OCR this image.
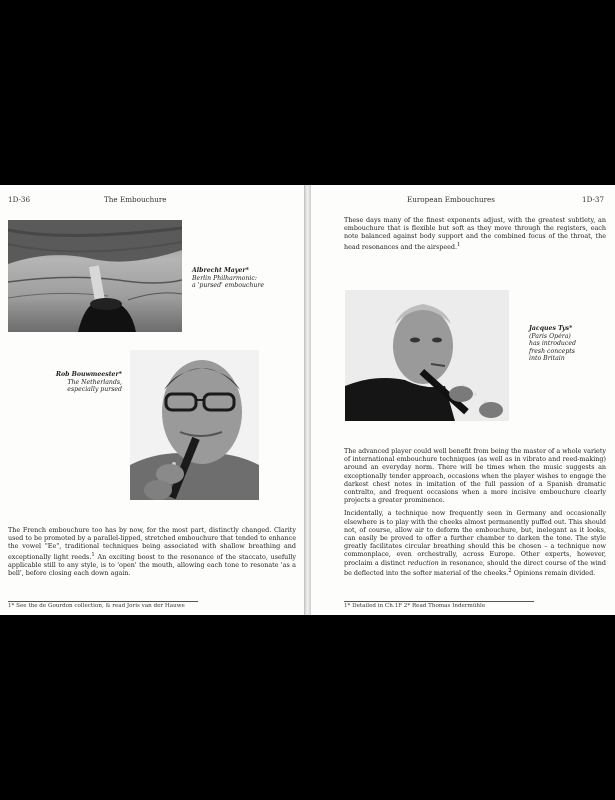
1D-36	The Embouchure
Albrecht Mayer*
Berlin Philharmonic:
a 'pursed' embouchure
Rob Bouwmeester*
The Netherlands,
especially pursed

The French embouchure too has by now, for the most part, distinctly changed. Clarity used to be promoted by a parallel-lipped, stretched embouchure that tended to enhance the vowel "Ee", traditional techniques being associated with shallow breathing and exceptionally light reeds.$^1$ An exciting boost to the resonance of the staccato, usefully applicable still to any style, is to 'open' the mouth, allowing each tone to resonate 'as a bell', before closing each down again.

1* See the de Gourdon collection, & read Joris van der Hauwe
European Embouchures	1D-37

These days many of the finest exponents adjust, with the greatest subtlety, an embouchure that is flexible but soft as they move through the registers, each note balanced against body support and the combined focus of the throat, the head resonances and the airspeed.$^1$

Jacques Tys*
(Paris Opéra)
has introduced
fresh concepts
into Britain

The advanced player could well benefit from being the master of a whole variety of international embouchure techniques (as well as in vibrato and reed-making) around an everyday norm. There will be times when the music suggests an exceptionally tender approach, occasions when the player wishes to engage the darkest chest notes in imitation of the full passion of a Spanish dramatic contralto, and frequent occasions when a more incisive embouchure clearly projects a greater prominence.

Incidentally, a technique now frequently seen in Germany and occasionally elsewhere is to play with the cheeks almost permanently puffed out. This should not, of course, allow air to deform the embouchure, but, inelegant as it looks, can easily be proved to offer a further chamber to darken the tone. The style greatly facilitates circular breathing should this be chosen – a technique now commonplace, even orchestrally, across Europe. Other experts, however, proclaim a distinct reduction in resonance, should the direct course of the wind be deflected into the softer material of the cheeks.$^2$ Opinions remain divided.

1* Detailed in Ch.1F 2* Read Thomas Indermühle
